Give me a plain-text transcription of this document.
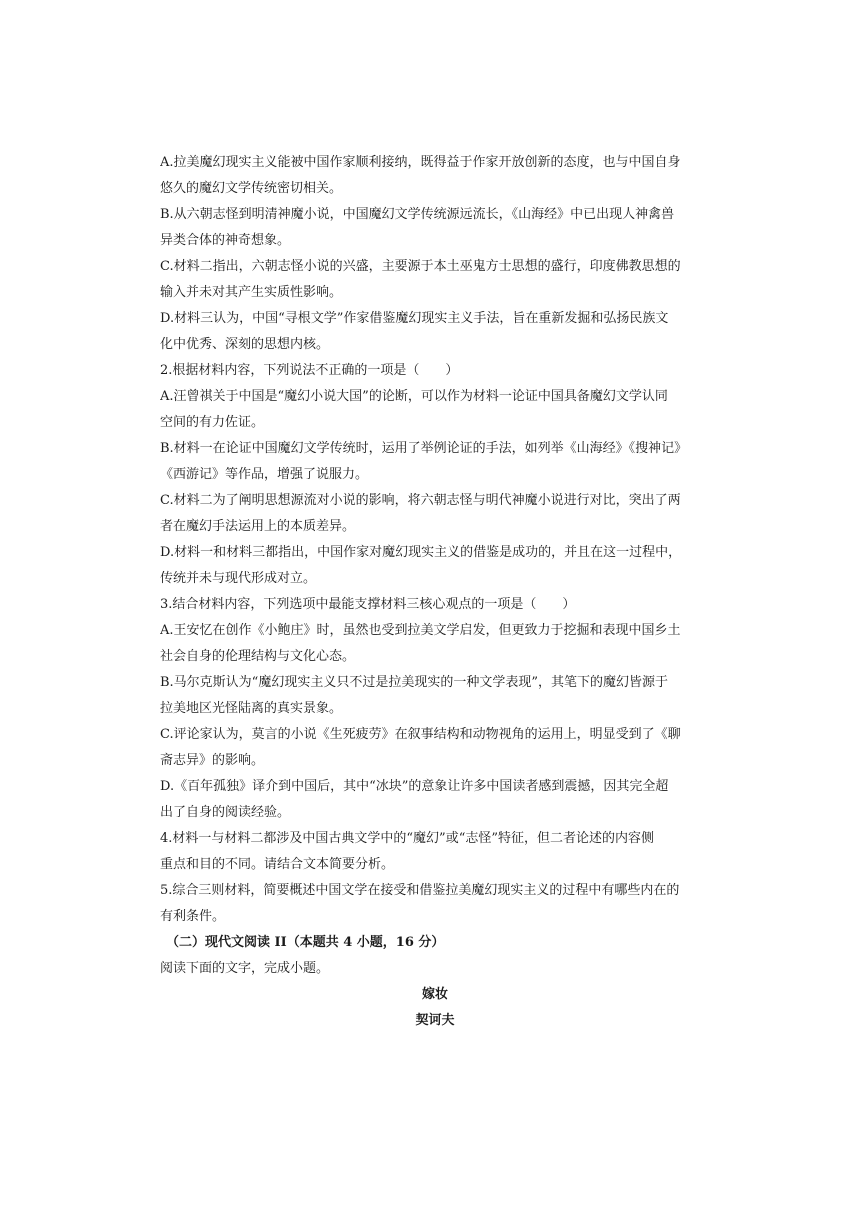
A.拉美魔幻现实主义能被中国作家顺利接纳，既得益于作家开放创新的态度，也与中国自身
悠久的魔幻文学传统密切相关。
B.从六朝志怪到明清神魔小说，中国魔幻文学传统源远流长，《山海经》中已出现人神禽兽
异类合体的神奇想象。
C.材料二指出，六朝志怪小说的兴盛，主要源于本土巫鬼方士思想的盛行，印度佛教思想的
输入并未对其产生实质性影响。
D.材料三认为，中国“寻根文学”作家借鉴魔幻现实主义手法，旨在重新发掘和弘扬民族文
化中优秀、深刻的思想内核。
2.根据材料内容，下列说法不正确的一项是（　　）
A.汪曾祺关于中国是“魔幻小说大国”的论断，可以作为材料一论证中国具备魔幻文学认同
空间的有力佐证。
B.材料一在论证中国魔幻文学传统时，运用了举例论证的手法，如列举《山海经》《搜神记》
《西游记》等作品，增强了说服力。
C.材料二为了阐明思想源流对小说的影响，将六朝志怪与明代神魔小说进行对比，突出了两
者在魔幻手法运用上的本质差异。
D.材料一和材料三都指出，中国作家对魔幻现实主义的借鉴是成功的，并且在这一过程中，
传统并未与现代形成对立。
3.结合材料内容，下列选项中最能支撑材料三核心观点的一项是（　　）
A.王安忆在创作《小鲍庄》时，虽然也受到拉美文学启发，但更致力于挖掘和表现中国乡土
社会自身的伦理结构与文化心态。
B.马尔克斯认为“魔幻现实主义只不过是拉美现实的一种文学表现”，其笔下的魔幻皆源于
拉美地区光怪陆离的真实景象。
C.评论家认为，莫言的小说《生死疲劳》在叙事结构和动物视角的运用上，明显受到了《聊
斋志异》的影响。
D.《百年孤独》译介到中国后，其中“冰块”的意象让许多中国读者感到震撼，因其完全超
出了自身的阅读经验。
4.材料一与材料二都涉及中国古典文学中的“魔幻”或“志怪”特征，但二者论述的内容侧
重点和目的不同。请结合文本简要分析。
5.综合三则材料，简要概述中国文学在接受和借鉴拉美魔幻现实主义的过程中有哪些内在的
有利条件。
（二）现代文阅读 II（本题共 4 小题，16 分）
阅读下面的文字，完成小题。
嫁妆
契诃夫
